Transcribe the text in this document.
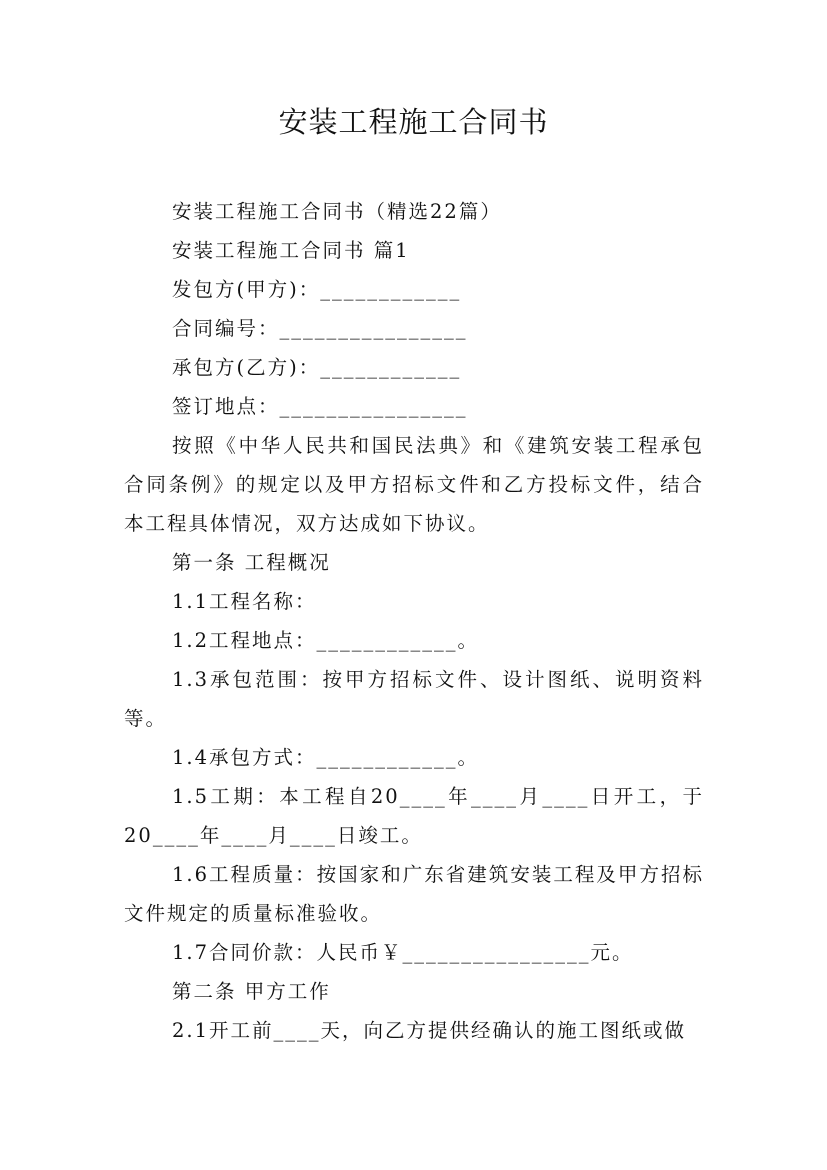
安装工程施工合同书

安装工程施工合同书（精选22篇）

安装工程施工合同书 篇1

发包方(甲方)：____________

合同编号：________________

承包方(乙方)：____________

签订地点：________________

按照《中华人民共和国民法典》和《建筑安装工程承包合同条例》的规定以及甲方招标文件和乙方投标文件，结合本工程具体情况，双方达成如下协议。

第一条 工程概况

1.1工程名称：

1.2工程地点：____________。

1.3承包范围：按甲方招标文件、设计图纸、说明资料等。

1.4承包方式：____________。

1.5工期：本工程自20____年____月____日开工，于20____年____月____日竣工。

1.6工程质量：按国家和广东省建筑安装工程及甲方招标文件规定的质量标准验收。

1.7合同价款：人民币￥________________元。

第二条 甲方工作

2.1开工前____天，向乙方提供经确认的施工图纸或做
